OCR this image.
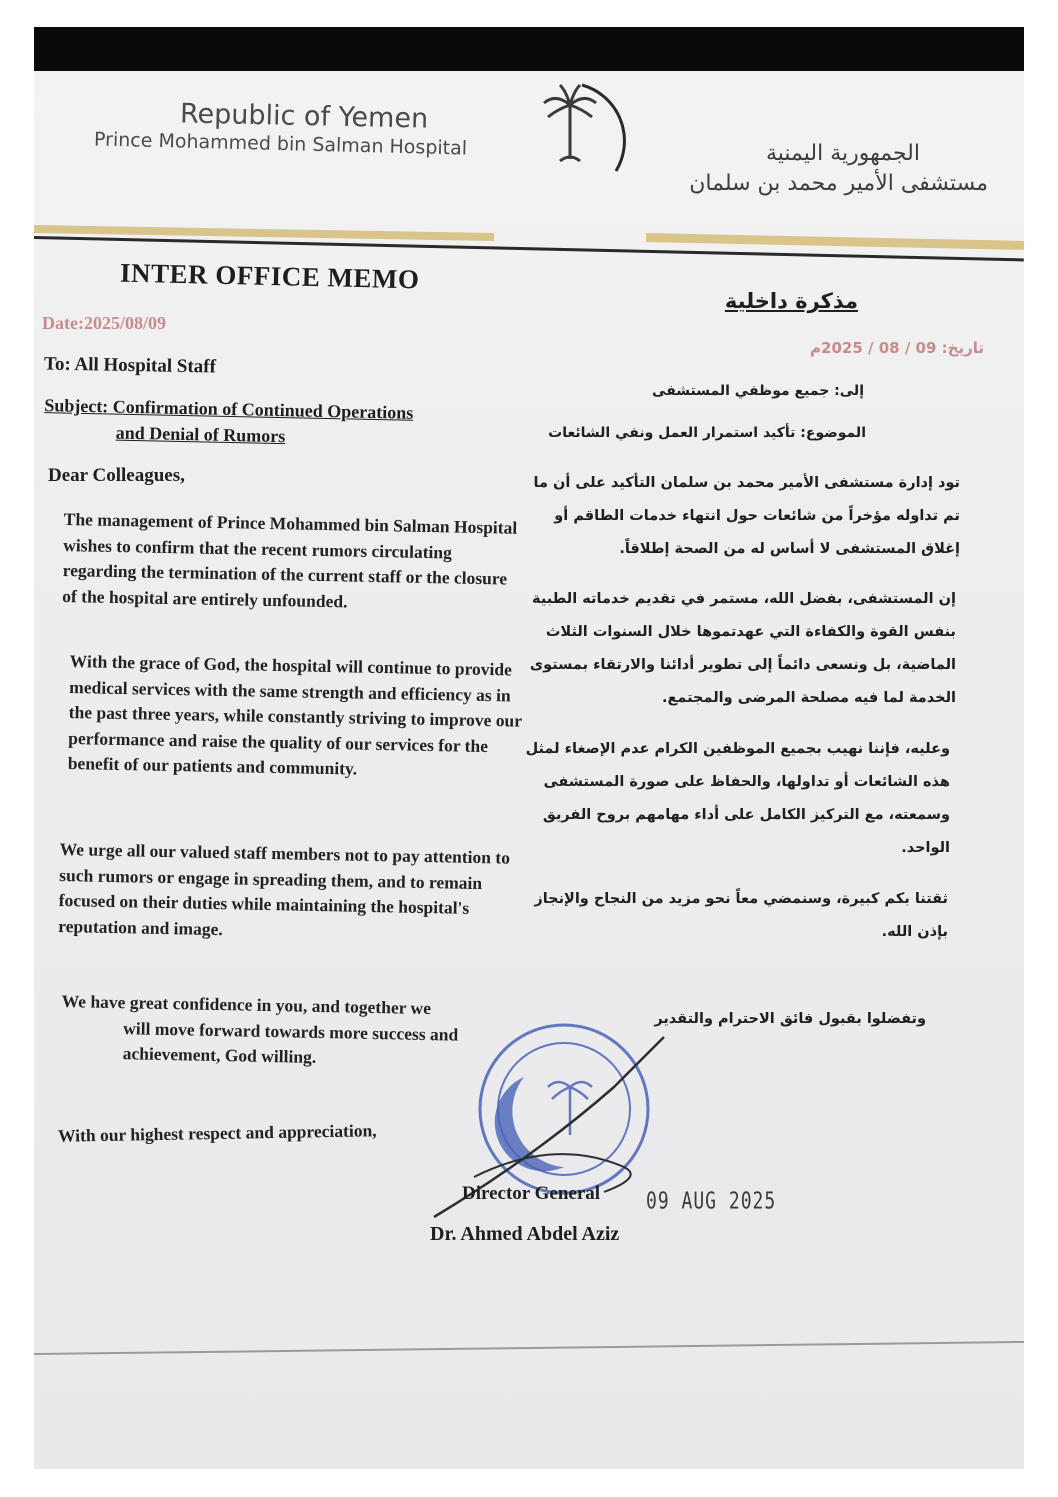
Republic of Yemen
Prince Mohammed bin Salman Hospital	الجمهورية اليمنية
مستشفى الأمير محمد بن سلمان
INTER OFFICE MEMO
Date:2025/08/09
To: All Hospital Staff
Subject: Confirmation of Continued Operations
and Denial of Rumors
Dear Colleagues,
The management of Prince Mohammed bin Salman Hospital wishes to confirm that the recent rumors circulating regarding the termination of the current staff or the closure of the hospital are entirely unfounded.
With the grace of God, the hospital will continue to provide medical services with the same strength and efficiency as in the past three years, while constantly striving to improve our performance and raise the quality of our services for the benefit of our patients and community.
We urge all our valued staff members not to pay attention to such rumors or engage in spreading them, and to remain focused on their duties while maintaining the hospital's reputation and image.
We have great confidence in you, and together we
will move forward towards more success and achievement, God willing.
With our highest respect and appreciation,
مذكرة داخلية
تاريخ: 09 / 08 / 2025م
إلى: جميع موظفي المستشفى
الموضوع: تأكيد استمرار العمل ونفي الشائعات
تود إدارة مستشفى الأمير محمد بن سلمان التأكيد على أن ما تم تداوله مؤخراً من شائعات حول انتهاء خدمات الطاقم أو إغلاق المستشفى لا أساس له من الصحة إطلاقاً.
إن المستشفى، بفضل الله، مستمر في تقديم خدماته الطبية بنفس القوة والكفاءة التي عهدتموها خلال السنوات الثلاث الماضية، بل ونسعى دائماً إلى تطوير أدائنا والارتقاء بمستوى الخدمة لما فيه مصلحة المرضى والمجتمع.
وعليه، فإننا نهيب بجميع الموظفين الكرام عدم الإصغاء لمثل هذه الشائعات أو تداولها، والحفاظ على صورة المستشفى وسمعته، مع التركيز الكامل على أداء مهامهم بروح الفريق الواحد.
ثقتنا بكم كبيرة، وسنمضي معاً نحو مزيد من النجاح والإنجاز بإذن الله.
وتفضلوا بقبول فائق الاحترام والتقدير
Director General	09 AUG 2025
Dr. Ahmed Abdel Aziz
